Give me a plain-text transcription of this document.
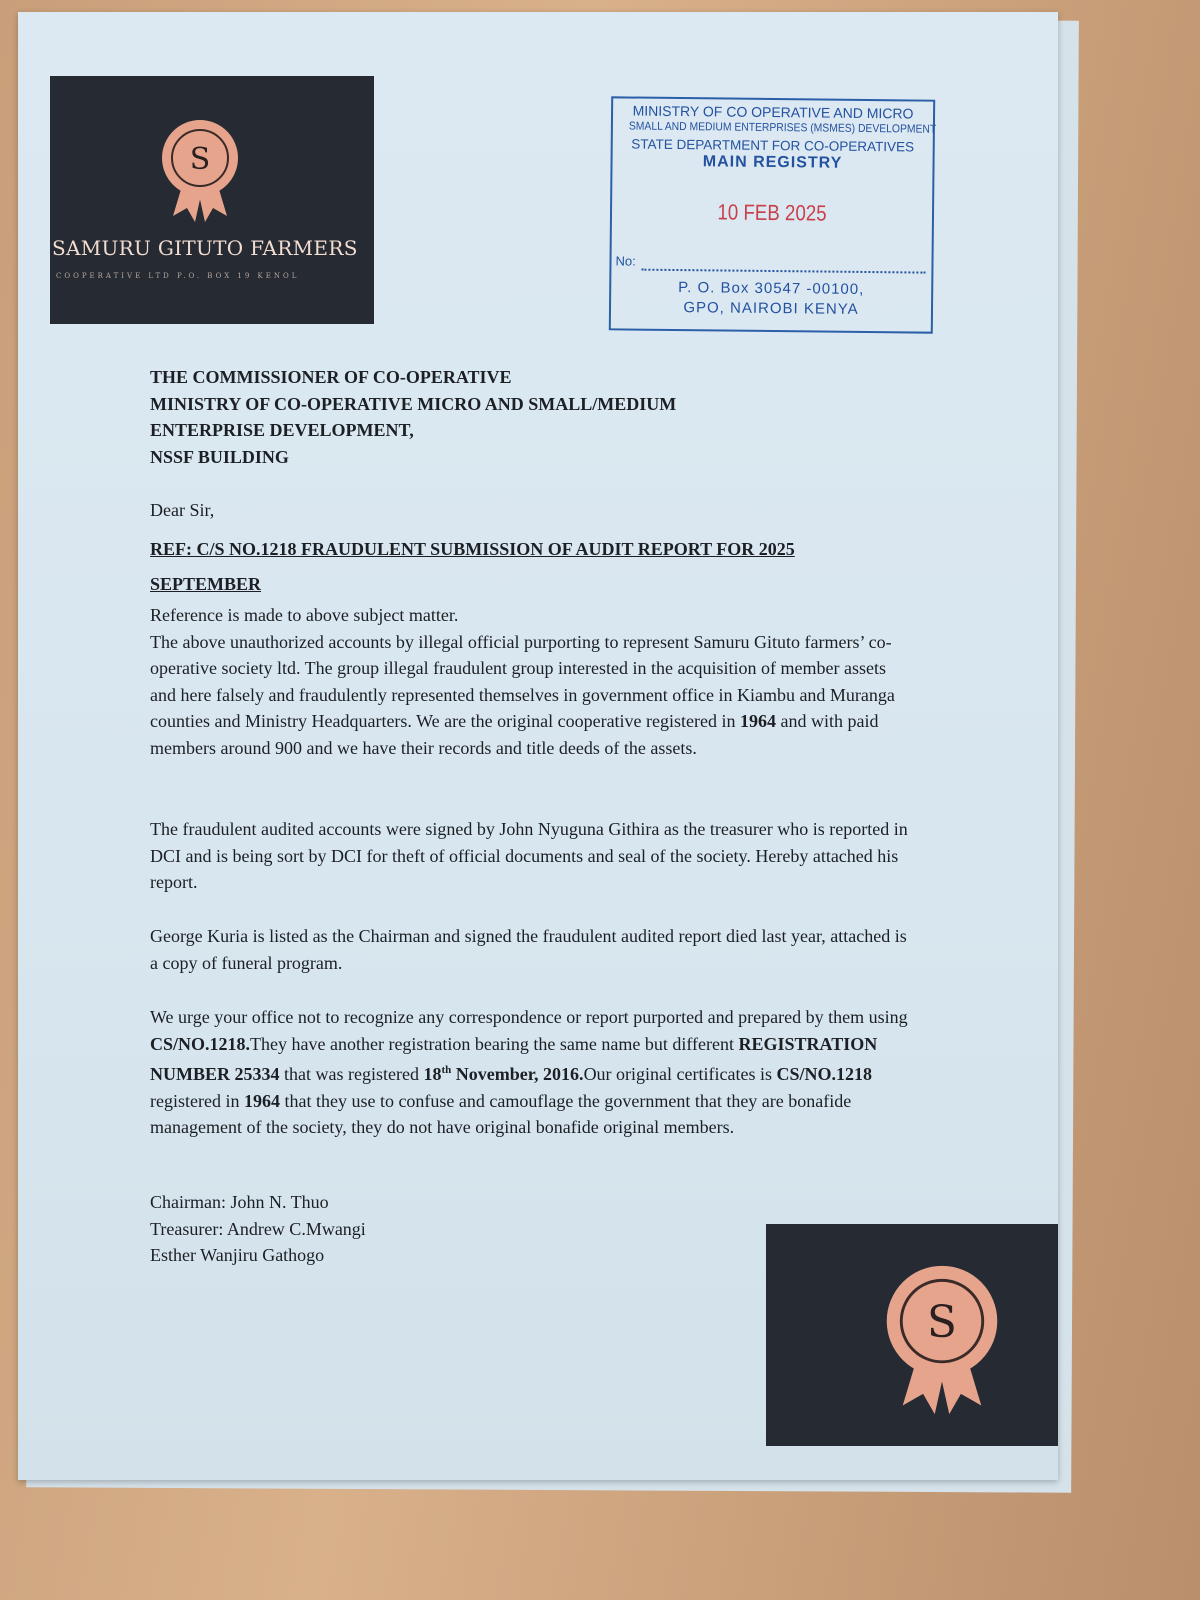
S
SAMURU GITUTO FARMERS
COOPERATIVE LTD P.O. BOX 19 KENOL
MINISTRY OF CO OPERATIVE AND MICRO
SMALL AND MEDIUM ENTERPRISES (MSMES) DEVELOPMENT
STATE DEPARTMENT FOR CO-OPERATIVES
MAIN REGISTRY
10 FEB 2025
No:
P. O. Box 30547 -00100,
GPO, NAIROBI KENYA
S
THE COMMISSIONER OF CO-OPERATIVE
MINISTRY OF CO-OPERATIVE MICRO AND SMALL/MEDIUM
ENTERPRISE DEVELOPMENT,
NSSF BUILDING
Dear Sir,
REF: C/S NO.1218 FRAUDULENT SUBMISSION OF AUDIT REPORT FOR 2025
SEPTEMBER

Reference is made to above subject matter.

The above unauthorized accounts by illegal official purporting to represent Samuru Gituto farmers’ co-operative society ltd. The group illegal fraudulent group interested in the acquisition of member assets and here falsely and fraudulently represented themselves in government office in Kiambu and Muranga counties and Ministry Headquarters. We are the original cooperative registered in 1964 and with paid members around 900 and we have their records and title deeds of the assets.

The fraudulent audited accounts were signed by John Nyuguna Githira as the treasurer who is reported in DCI and is being sort by DCI for theft of official documents and seal of the society. Hereby attached his report.
George Kuria is listed as the Chairman and signed the fraudulent audited report died last year, attached is a copy of funeral program.
We urge your office not to recognize any correspondence or report purported and prepared by them using CS/NO.1218.They have another registration bearing the same name but different REGISTRATION NUMBER 25334 that was registered 18th November, 2016.Our original certificates is CS/NO.1218 registered in 1964 that they use to confuse and camouflage the government that they are bonafide management of the society, they do not have original bonafide original members.
Chairman: John N. Thuo
Treasurer: Andrew C.Mwangi
Esther Wanjiru Gathogo
